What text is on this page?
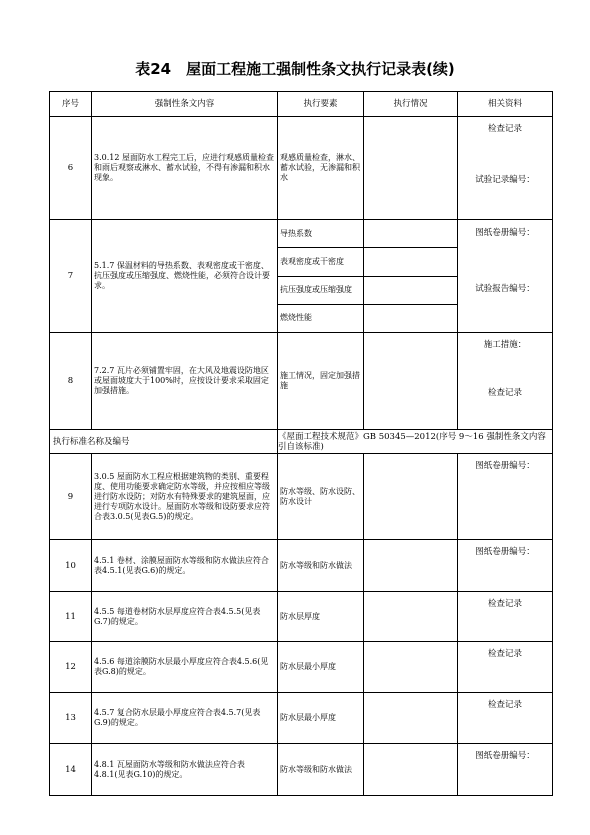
表24　屋面工程施工强制性条文执行记录表(续)
序号	强制性条文内容	执行要素	执行情况	相关资料
6	3.0.12 屋面防水工程完工后，应进行观感质量检查和雨后观察或淋水、蓄水试验，不得有渗漏和积水现象。	观感质量检查，淋水、蓄水试验，无渗漏和积水		检查记录
试验记录编号：

7	5.1.7 保温材料的导热系数、表观密度或干密度、抗压强度或压缩强度、燃烧性能，必须符合设计要求。	导热系数		图纸卷册编号：
试验报告编号：

		表观密度或干密度		
		抗压强度或压缩强度		
		燃烧性能		
8	7.2.7 瓦片必须铺置牢固，在大风及地震设防地区或屋面坡度大于100%时，应按设计要求采取固定加强措施。	施工情况，固定加强措施		施工措施：
检查记录

执行标准名称及编号		《屋面工程技术规范》GB 50345—2012(序号 9～16 强制性条文内容引自该标准)		
9	3.0.5 屋面防水工程应根据建筑物的类别、重要程度、使用功能要求确定防水等级，并应按相应等级进行防水设防；对防水有特殊要求的建筑屋面，应进行专项防水设计。屋面防水等级和设防要求应符合表3.0.5(见表G.5)的规定。	防水等级、防水设防、防水设计		图纸卷册编号：

10	4.5.1 卷材、涂膜屋面防水等级和防水做法应符合表4.5.1(见表G.6)的规定。	防水等级和防水做法		图纸卷册编号：

11	4.5.5 每道卷材防水层厚度应符合表4.5.5(见表G.7)的规定。	防水层厚度		检查记录

12	4.5.6 每道涂膜防水层最小厚度应符合表4.5.6(见表G.8)的规定。	防水层最小厚度		检查记录

13	4.5.7 复合防水层最小厚度应符合表4.5.7(见表G.9)的规定。	防水层最小厚度		检查记录

14	4.8.1 瓦屋面防水等级和防水做法应符合表4.8.1(见表G.10)的规定。	防水等级和防水做法		图纸卷册编号：
